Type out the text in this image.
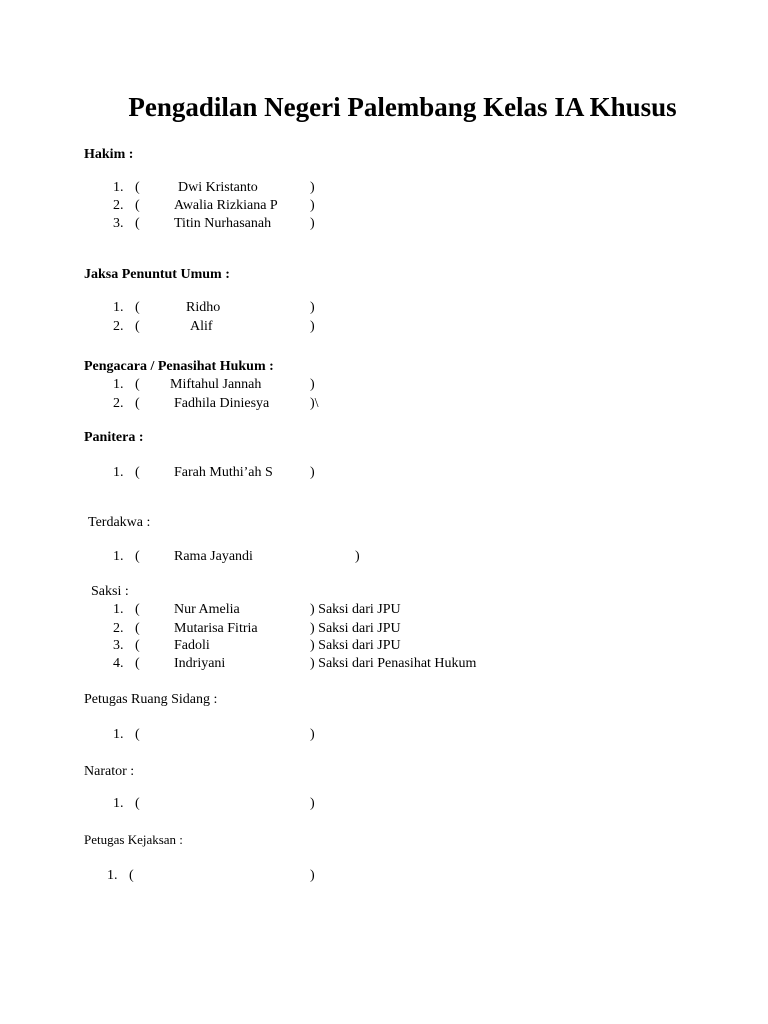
Pengadilan Negeri Palembang Kelas IA Khusus
Hakim :
1. (	Dwi Kristanto	)
2. ( Awalia Rizkiana P )
3. ( Titin Nurhasanah	)
Jaksa Penuntut Umum :
1. (	Ridho	)
2. (	Alif	)
Pengacara / Penasihat Hukum :
1. ( Miftahul Jannah	)
2. ( Fadhila Diniesya	)\
Panitera :
1. ( Farah Muthi’ah S	)
Terdakwa :
1. ( Rama Jayandi	)
Saksi :
1. ( Nur Amelia	) Saksi dari JPU
2. ( Mutarisa Fitria	) Saksi dari JPU
3. ( Fadoli	) Saksi dari JPU
4. ( Indriyani	) Saksi dari Penasihat Hukum
Petugas Ruang Sidang :
1. (	)
Narator :
1. (	)
Petugas Kejaksan :
1. (	)
